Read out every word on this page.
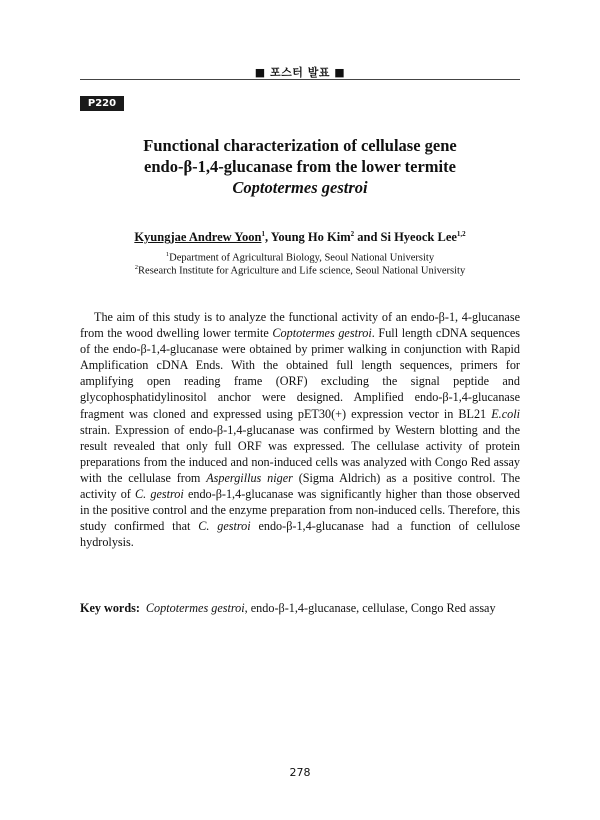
■ 포스터 발표 ■
P220
Functional characterization of cellulase gene
endo-β-1,4-glucanase from the lower termite
Coptotermes gestroi
Kyungjae Andrew Yoon$^1$, Young Ho Kim$^2$ and Si Hyeock Lee$^{1,2}$
$^1$Department of Agricultural Biology, Seoul National University
$^2$Research Institute for Agriculture and Life science, Seoul National University

The aim of this study is to analyze the functional activity of an endo-β-1, 4-glucanase from the wood dwelling lower termite Coptotermes gestroi. Full length cDNA sequences of the endo-β-1,4-glucanase were obtained by primer walking in conjunction with Rapid Amplification cDNA Ends. With the obtained full length sequences, primers for amplifying open reading frame (ORF) excluding the signal peptide and glycophosphatidylinositol anchor were designed. Amplified endo-β-1,4-glucanase fragment was cloned and expressed using pET30(+) expression vector in BL21 E.coli strain. Expression of endo-β-1,4-glucanase was confirmed by Western blotting and the result revealed that only full ORF was expressed. The cellulase activity of protein preparations from the induced and non-induced cells was analyzed with Congo Red assay with the cellulase from Aspergillus niger (Sigma Aldrich) as a positive control. The activity of C. gestroi endo-β-1,4-glucanase was significantly higher than those observed in the positive control and the enzyme preparation from non-induced cells. Therefore, this study confirmed that C. gestroi endo-β-1,4-glucanase had a function of cellulose hydrolysis.

Key words: Coptotermes gestroi, endo-β-1,4-glucanase, cellulase, Congo Red assay
278
